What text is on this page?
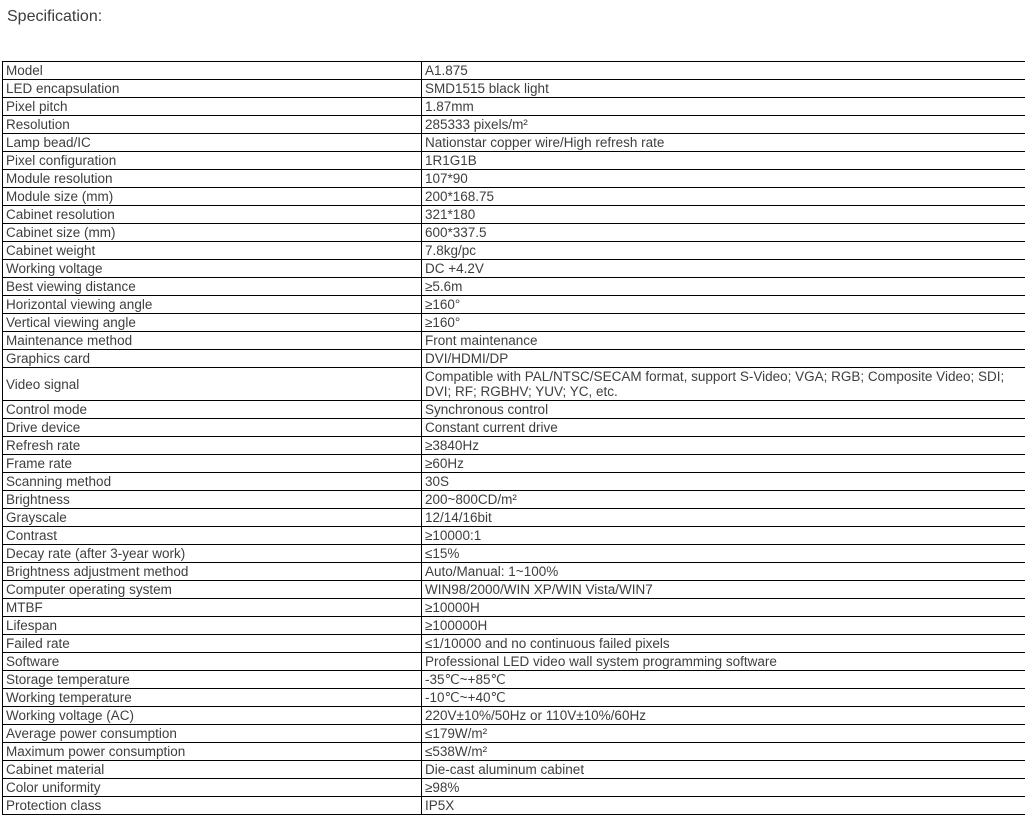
Specification:
Model	A1.875
LED encapsulation	SMD1515 black light
Pixel pitch	1.87mm
Resolution	285333 pixels/m²
Lamp bead/IC	Nationstar copper wire/High refresh rate
Pixel configuration	1R1G1B
Module resolution	107*90
Module size (mm)	200*168.75
Cabinet resolution	321*180
Cabinet size (mm)	600*337.5
Cabinet weight	7.8kg/pc
Working voltage	DC +4.2V
Best viewing distance	≥5.6m
Horizontal viewing angle	≥160°
Vertical viewing angle	≥160°
Maintenance method	Front maintenance
Graphics card	DVI/HDMI/DP
Video signal	Compatible with PAL/NTSC/SECAM format, support S-Video; VGA; RGB; Composite Video; SDI; DVI; RF; RGBHV; YUV; YC, etc.
Control mode	Synchronous control
Drive device	Constant current drive
Refresh rate	≥3840Hz
Frame rate	≥60Hz
Scanning method	30S
Brightness	200~800CD/m²
Grayscale	12/14/16bit
Contrast	≥10000:1
Decay rate (after 3-year work)	≤15%
Brightness adjustment method	Auto/Manual: 1~100%
Computer operating system	WIN98/2000/WIN XP/WIN Vista/WIN7
MTBF	≥10000H
Lifespan	≥100000H
Failed rate	≤1/10000 and no continuous failed pixels
Software	Professional LED video wall system programming software
Storage temperature	-35℃~+85℃
Working temperature	-10℃~+40℃
Working voltage (AC)	220V±10%/50Hz or 110V±10%/60Hz
Average power consumption	≤179W/m²
Maximum power consumption	≤538W/m²
Cabinet material	Die-cast aluminum cabinet
Color uniformity	≥98%
Protection class	IP5X
